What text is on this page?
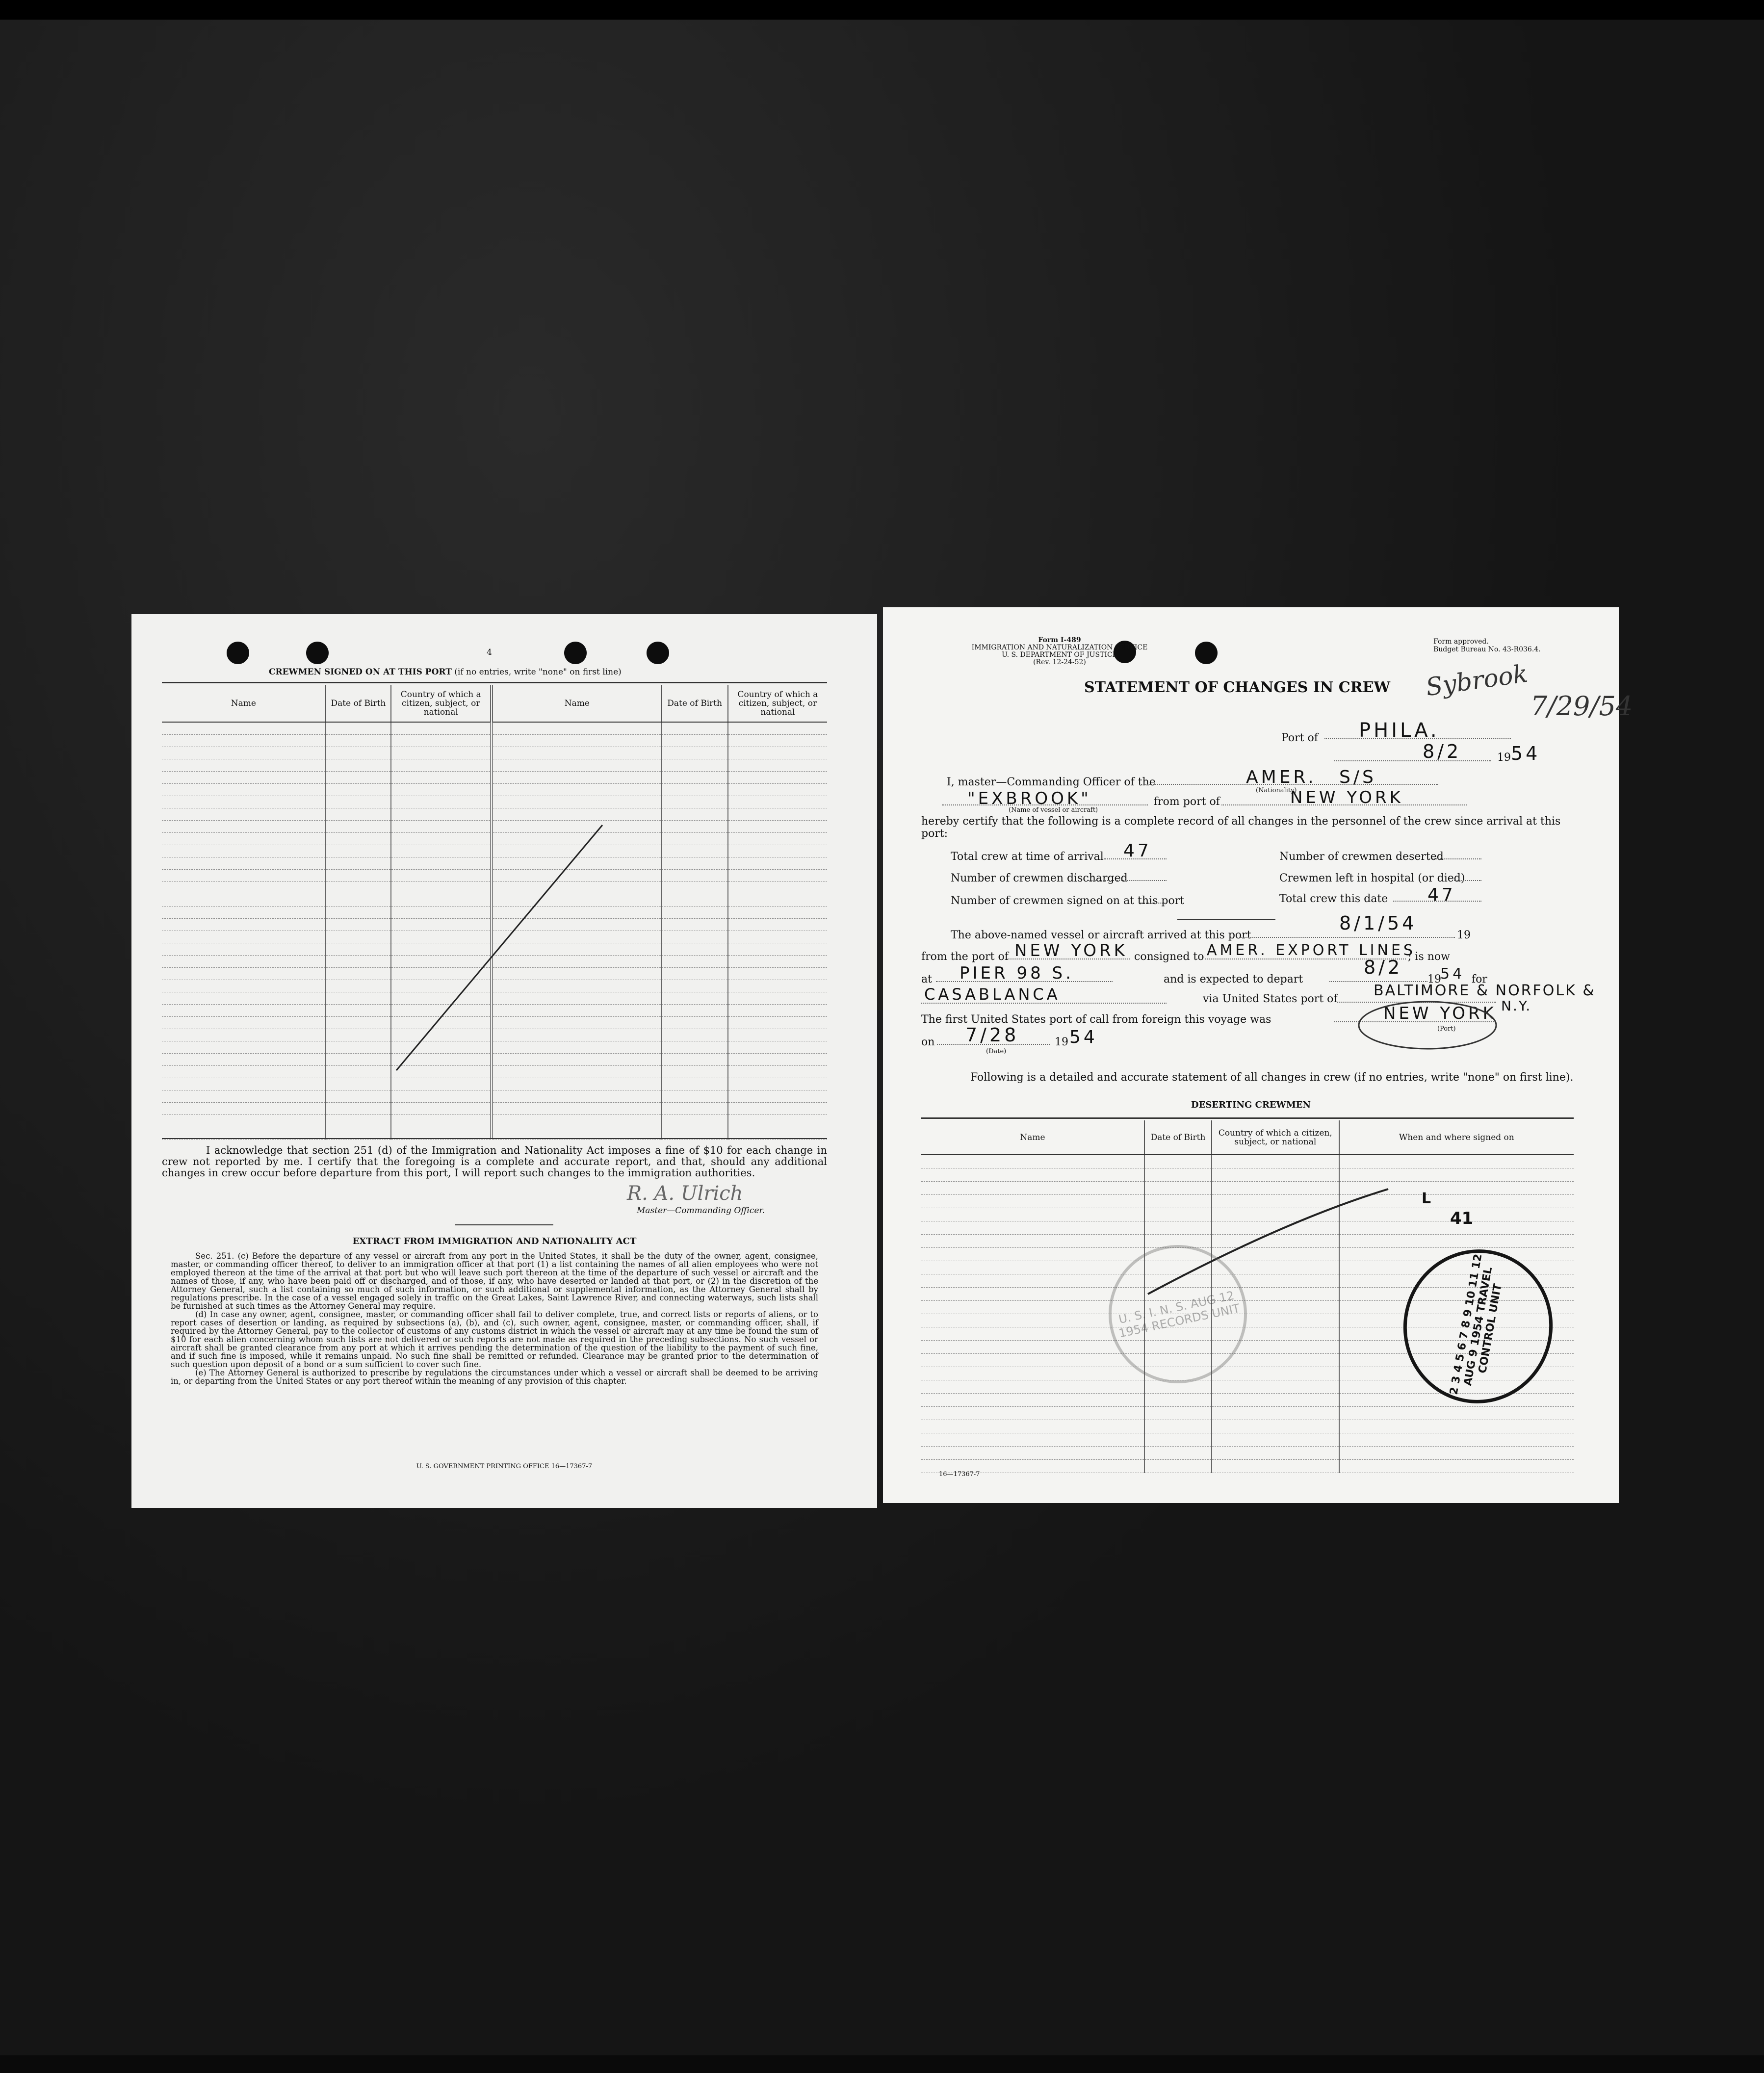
4
CREWMEN SIGNED ON AT THIS PORT (if no entries, write "none" on first line)
Name	Date of Birth	Country of which a citizen, subject, or national	Name	Date of Birth	Country of which a citizen, subject, or national

I acknowledge that section 251 (d) of the Immigration and Nationality Act imposes a fine of $10 for each change in crew not reported by me. I certify that the foregoing is a complete and accurate report, and that, should any additional changes in crew occur before departure from this port, I will report such changes to the immigration authorities.
R. A. Ulrich
Master—Commanding Officer.
EXTRACT FROM IMMIGRATION AND NATIONALITY ACT
Sec. 251. (c) Before the departure of any vessel or aircraft from any port in the United States, it shall be the duty of the owner, agent, consignee, master, or commanding officer thereof, to deliver to an immigration officer at that port (1) a list containing the names of all alien employees who were not employed thereon at the time of the arrival at that port but who will leave such port thereon at the time of the departure of such vessel or aircraft and the names of those, if any, who have been paid off or discharged, and of those, if any, who have deserted or landed at that port, or (2) in the discretion of the Attorney General, such a list containing so much of such information, or such additional or supplemental information, as the Attorney General shall by regulations prescribe. In the case of a vessel engaged solely in traffic on the Great Lakes, Saint Lawrence River, and connecting waterways, such lists shall be furnished at such times as the Attorney General may require.
(d) In case any owner, agent, consignee, master, or commanding officer shall fail to deliver complete, true, and correct lists or reports of aliens, or to report cases of desertion or landing, as required by subsections (a), (b), and (c), such owner, agent, consignee, master, or commanding officer, shall, if required by the Attorney General, pay to the collector of customs of any customs district in which the vessel or aircraft may at any time be found the sum of $10 for each alien concerning whom such lists are not delivered or such reports are not made as required in the preceding subsections. No such vessel or aircraft shall be granted clearance from any port at which it arrives pending the determination of the question of the liability to the payment of such fine, and if such fine is imposed, while it remains unpaid. No such fine shall be remitted or refunded. Clearance may be granted prior to the determination of such question upon deposit of a bond or a sum sufficient to cover such fine.
(e) The Attorney General is authorized to prescribe by regulations the circumstances under which a vessel or aircraft shall be deemed to be arriving in, or departing from the United States or any port thereof within the meaning of any provision of this chapter.
U. S. GOVERNMENT PRINTING OFFICE 16—17367-7
Form I-489
IMMIGRATION AND NATURALIZATION SERVICE
U. S. DEPARTMENT OF JUSTICE
(Rev. 12-24-52)
Form approved.
Budget Bureau No. 43-R036.4.
STATEMENT OF CHANGES IN CREW Sybrook
7/29/54
Port of PHILA.
8/2	19 54
I, master—Commanding Officer of the	AMER. S/S
(Nationality)
"EXBROOK"
(Name of vessel or aircraft)
from port of	NEW YORK
hereby certify that the following is a complete record of all changes in the personnel of the crew since arrival at this port:
Total crew at time of arrival 47	Number of crewmen deserted
Number of crewmen discharged	Crewmen left in hospital (or died)
Number of crewmen signed on at this port	Total crew this date 47
The above-named vessel or aircraft arrived at this port
8/1/54
19
from the port of NEW YORK consigned to AMER. EXPORT LINES
; is now
at PIER 98 S.	and is expected to depart
8/2
19
54 for
CASABLANCA	via United States port of BALTIMORE & NORFOLK &
N.Y.
The first United States port of call from foreign this voyage was	NEW YORK
(Port)
on 7/28
(Date)
19 54
Following is a detailed and accurate statement of all changes in crew (if no entries, write "none" on first line).
DESERTING CREWMEN
Name	Date of Birth	Country of which a citizen, subject, or national	When and where signed on

L
41
U. S. I. N. S. AUG 12 1954 RECORDS UNIT	2 3 4 5 6 7 8 9 10 11 12 AUG 9 1954 TRAVEL CONTROL UNIT
16—17367-7
